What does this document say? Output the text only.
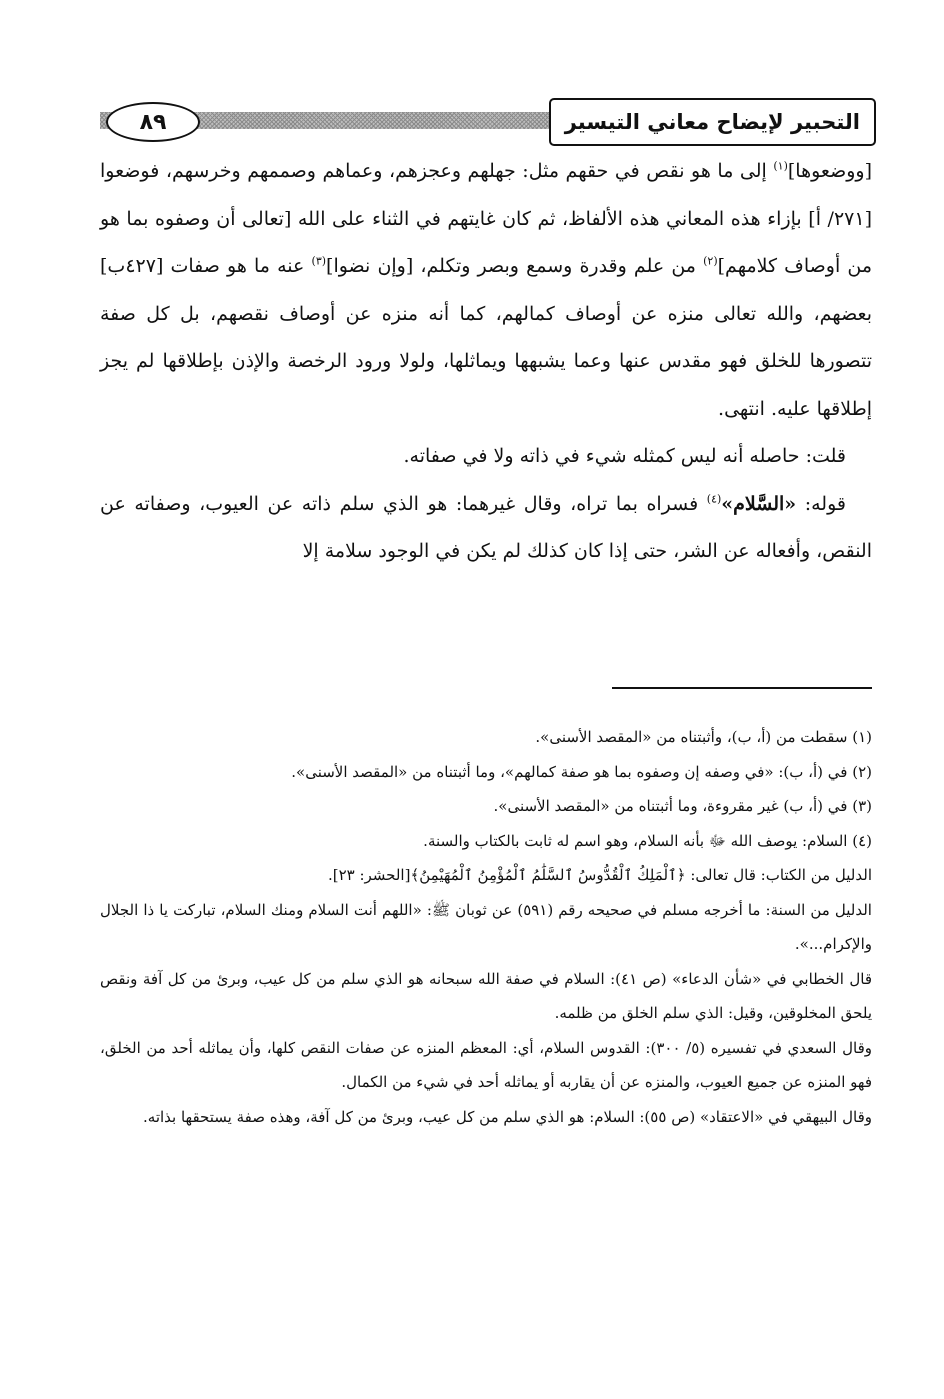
التحبير لإيضاح معاني التيسير
٨٩

[ووضعوها]$^{(١)}$ إلى ما هو نقص في حقهم مثل: جهلهم وعجزهم، وعماهم وصممهم وخرسهم، فوضعوا [٢٧١/ أ] بإزاء هذه المعاني هذه الألفاظ، ثم كان غايتهم في الثناء على الله [تعالى أن وصفوه بما هو من أوصاف كلامهم]$^{(٢)}$ من علم وقدرة وسمع وبصر وتكلم، [وإن نضوا]$^{(٣)}$ عنه ما هو صفات [٤٢٧ب] بعضهم، والله تعالى منزه عن أوصاف كمالهم، كما أنه منزه عن أوصاف نقصهم، بل كل صفة تتصورها للخلق فهو مقدس عنها وعما يشبهها ويماثلها، ولولا ورود الرخصة والإذن بإطلاقها لم يجز إطلاقها عليه. انتهى.

قلت: حاصله أنه ليس كمثله شيء في ذاته ولا في صفاته.

قوله: «السَّلام»$^{(٤)}$ فسراه بما تراه، وقال غيرهما: هو الذي سلم ذاته عن العيوب، وصفاته عن النقص، وأفعاله عن الشر، حتى إذا كان كذلك لم يكن في الوجود سلامة إلا

(١) سقطت من (أ، ب)، وأثبتناه من «المقصد الأسنى».

(٢) في (أ، ب): «في وصفه إن وصفوه بما هو صفة كمالهم»، وما أثبتناه من «المقصد الأسنى».

(٣) في (أ، ب) غير مقروءة، وما أثبتناه من «المقصد الأسنى».

(٤) السلام: يوصف الله ﷻ بأنه السلام، وهو اسم له ثابت بالكتاب والسنة.

الدليل من الكتاب: قال تعالى: ﴿ٱلْمَلِكُ ٱلْقُدُّوسُ ٱلسَّلَٰمُ ٱلْمُؤْمِنُ ٱلْمُهَيْمِنُ﴾[الحشر: ٢٣].

الدليل من السنة: ما أخرجه مسلم في صحيحه رقم (٥٩١) عن ثوبان ﷺ: «اللهم أنت السلام ومنك السلام، تباركت يا ذا الجلال والإكرام...».

قال الخطابي في «شأن الدعاء» (ص ٤١): السلام في صفة الله سبحانه هو الذي سلم من كل عيب، وبرئ من كل آفة ونقص يلحق المخلوقين، وقيل: الذي سلم الخلق من ظلمه.

وقال السعدي في تفسيره (٥/ ٣٠٠): القدوس السلام، أي: المعظم المنزه عن صفات النقص كلها، وأن يماثله أحد من الخلق، فهو المنزه عن جميع العيوب، والمنزه عن أن يقاربه أو يماثله أحد في شيء من الكمال.

وقال البيهقي في «الاعتقاد» (ص ٥٥): السلام: هو الذي سلم من كل عيب، وبرئ من كل آفة، وهذه صفة يستحقها بذاته.
